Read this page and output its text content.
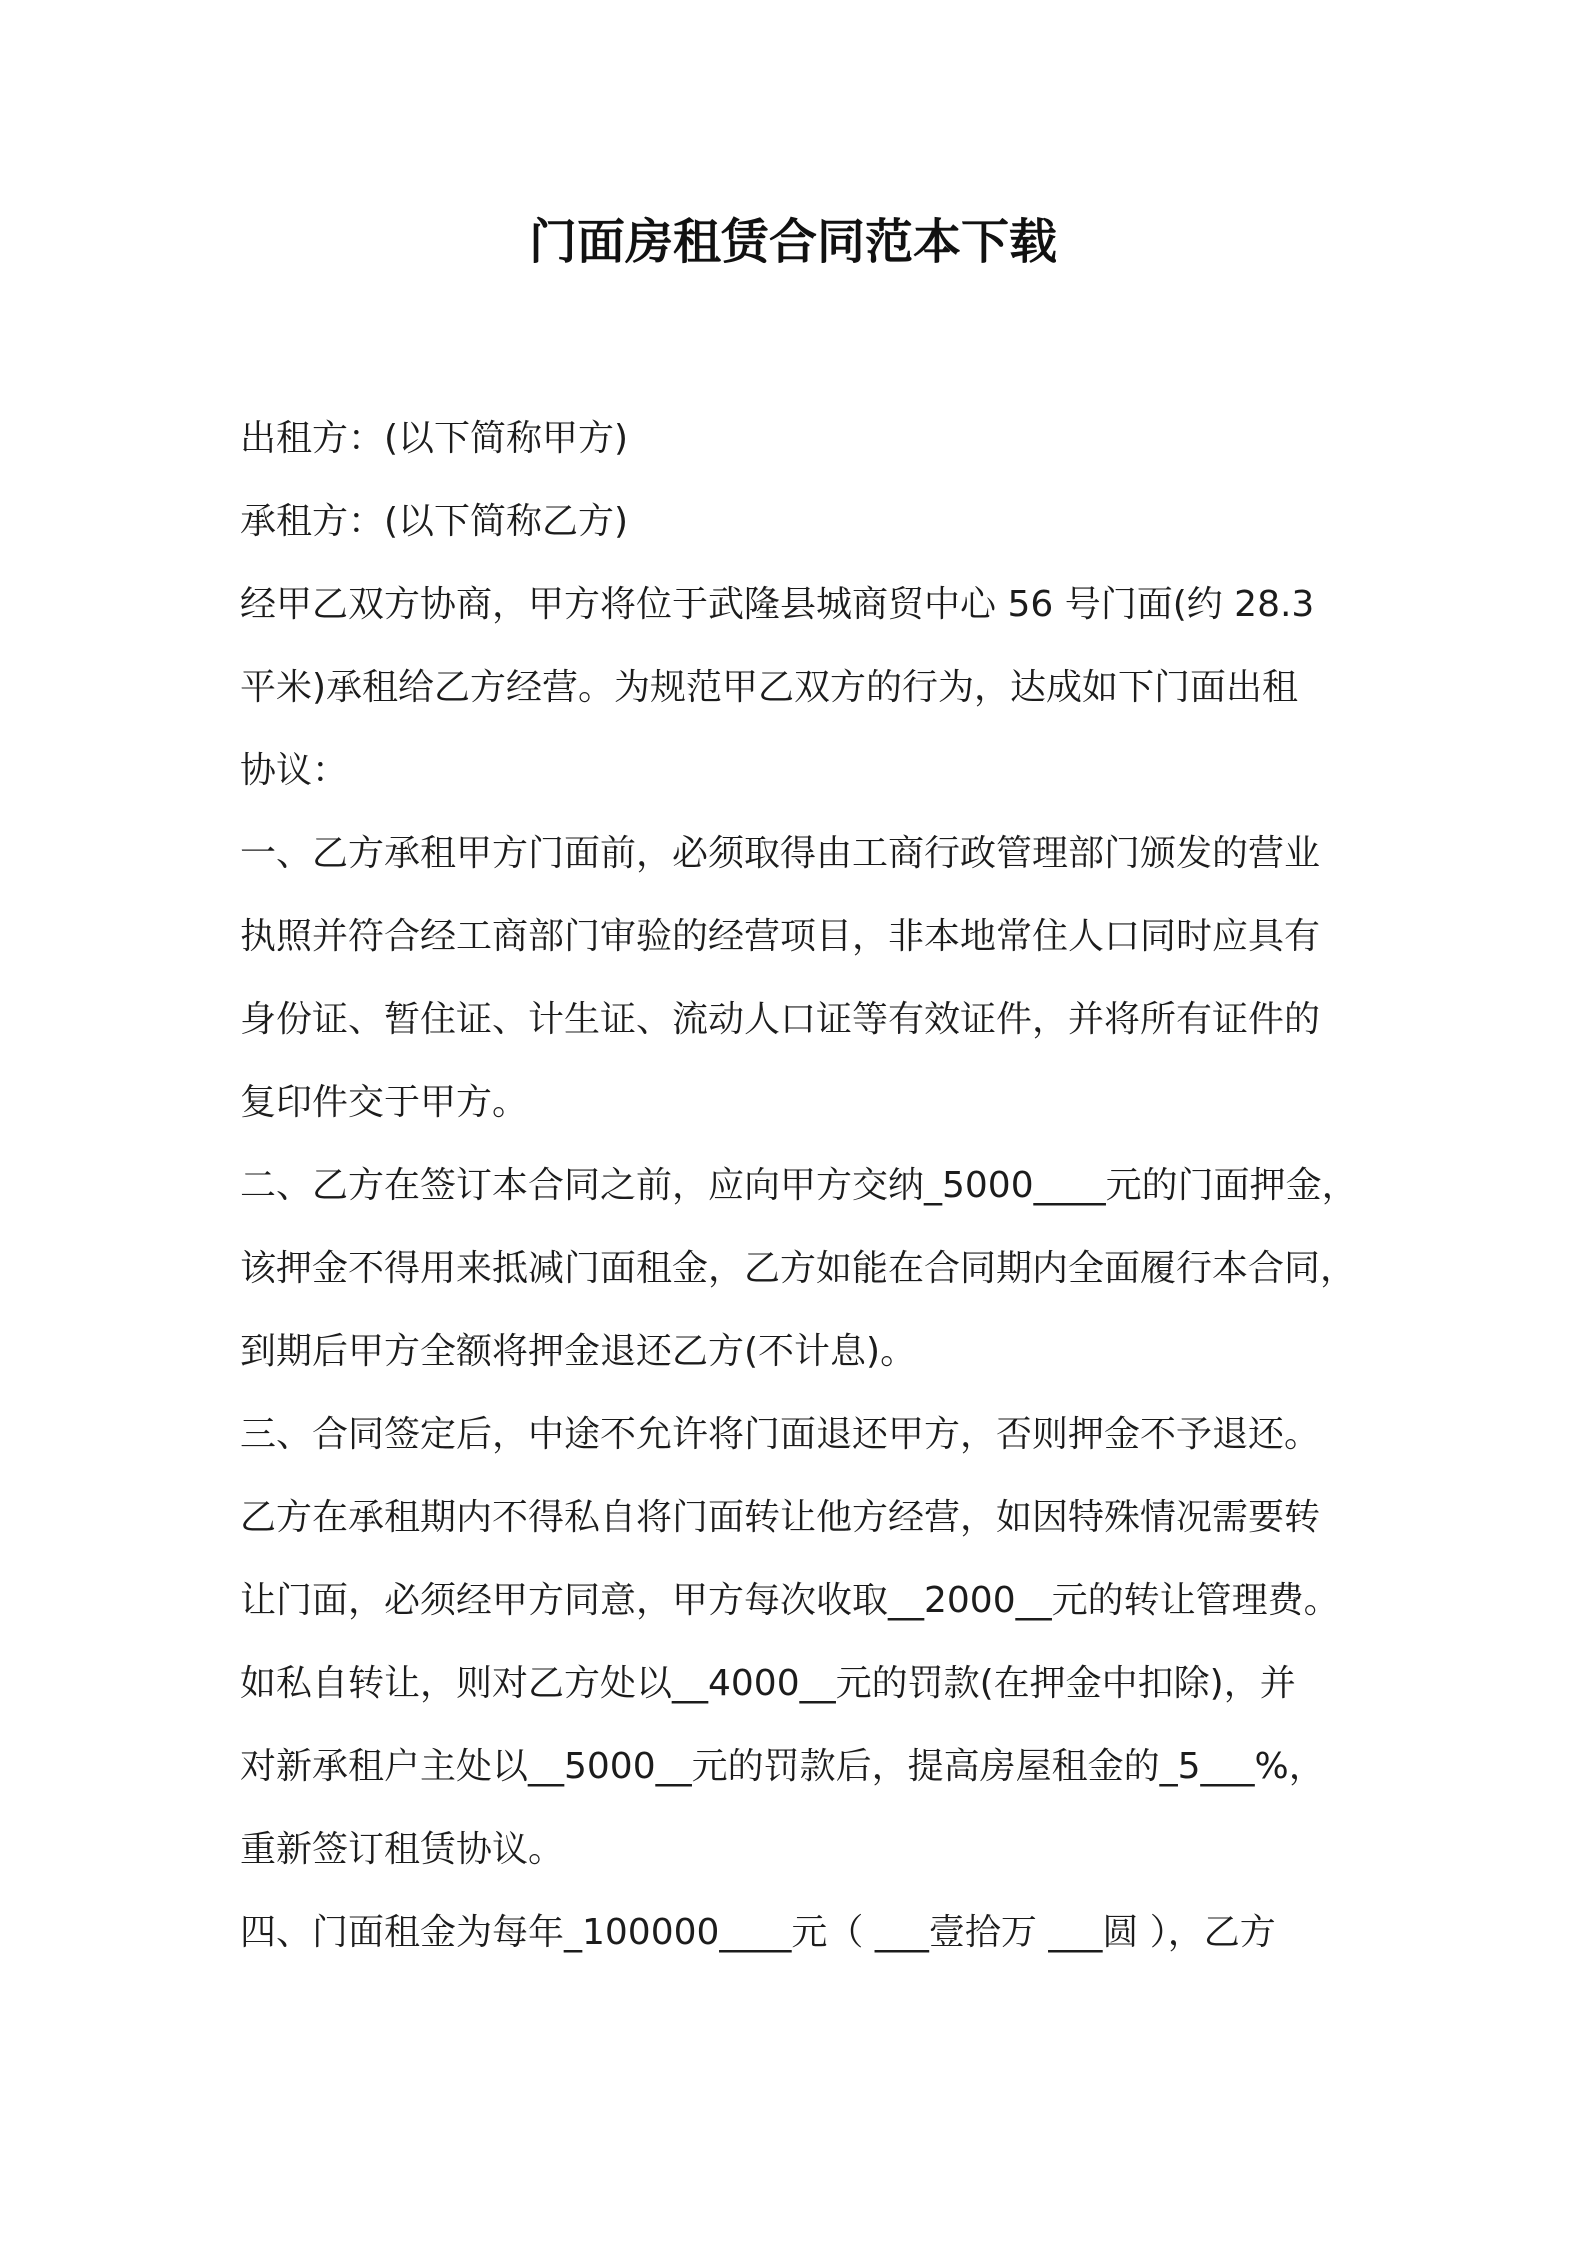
门面房租赁合同范本下载
出租方：(以下简称甲方)
承租方：(以下简称乙方)
经甲乙双方协商，甲方将位于武隆县城商贸中心 56 号门面(约 28.3
平米)承租给乙方经营。为规范甲乙双方的行为，达成如下门面出租
协议：
一、乙方承租甲方门面前，必须取得由工商行政管理部门颁发的营业
执照并符合经工商部门审验的经营项目，非本地常住人口同时应具有
身份证、暂住证、计生证、流动人口证等有效证件，并将所有证件的
复印件交于甲方。
二、乙方在签订本合同之前，应向甲方交纳_5000____元的门面押金，
该押金不得用来抵减门面租金，乙方如能在合同期内全面履行本合同，
到期后甲方全额将押金退还乙方(不计息)。
三、合同签定后，中途不允许将门面退还甲方，否则押金不予退还。
乙方在承租期内不得私自将门面转让他方经营，如因特殊情况需要转
让门面，必须经甲方同意，甲方每次收取__2000__元的转让管理费。
如私自转让，则对乙方处以__4000__元的罚款(在押金中扣除)，并
对新承租户主处以__5000__元的罚款后，提高房屋租金的_5___%，
重新签订租赁协议。
四、门面租金为每年_100000____元（ ___壹拾万 ___圆 ），乙方
